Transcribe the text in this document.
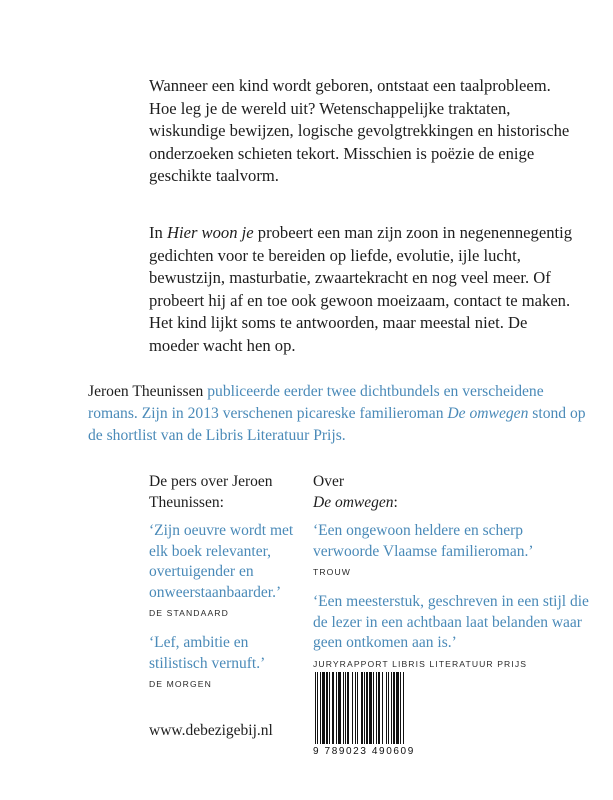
Wanneer een kind wordt geboren, ontstaat een taalprobleem. Hoe leg je de wereld uit? Wetenschappelijke traktaten, wiskundige bewijzen, logische gevolgtrekkingen en historische onderzoeken schieten tekort. Misschien is poëzie de enige geschikte taalvorm.

In Hier woon je probeert een man zijn zoon in negenennegentig gedichten voor te bereiden op liefde, evolutie, ijle lucht, bewustzijn, masturbatie, zwaartekracht en nog veel meer. Of probeert hij af en toe ook gewoon moeizaam, contact te maken. Het kind lijkt soms te antwoorden, maar meestal niet. De moeder wacht hen op.

Jeroen Theunissen publiceerde eerder twee dichtbundels en verscheidene romans. Zijn in 2013 verschenen picareske familieroman De omwegen stond op de shortlist van de Libris Literatuur Prijs.

De pers over Jeroen Theunissen:

‘Zijn oeuvre wordt met elk boek relevanter, overtuigender en onweerstaanbaarder.’

DE STANDAARD

‘Lef, ambitie en stilistisch vernuft.’

DE MORGEN

Over
De omwegen:

‘Een ongewoon heldere en scherp verwoorde Vlaamse familieroman.’

TROUW

‘Een meesterstuk, geschreven in een stijl die de lezer in een achtbaan laat belanden waar geen ontkomen aan is.’

JURYRAPPORT LIBRIS LITERATUUR PRIJS
www.debezigebij.nl
9 789023 490609
